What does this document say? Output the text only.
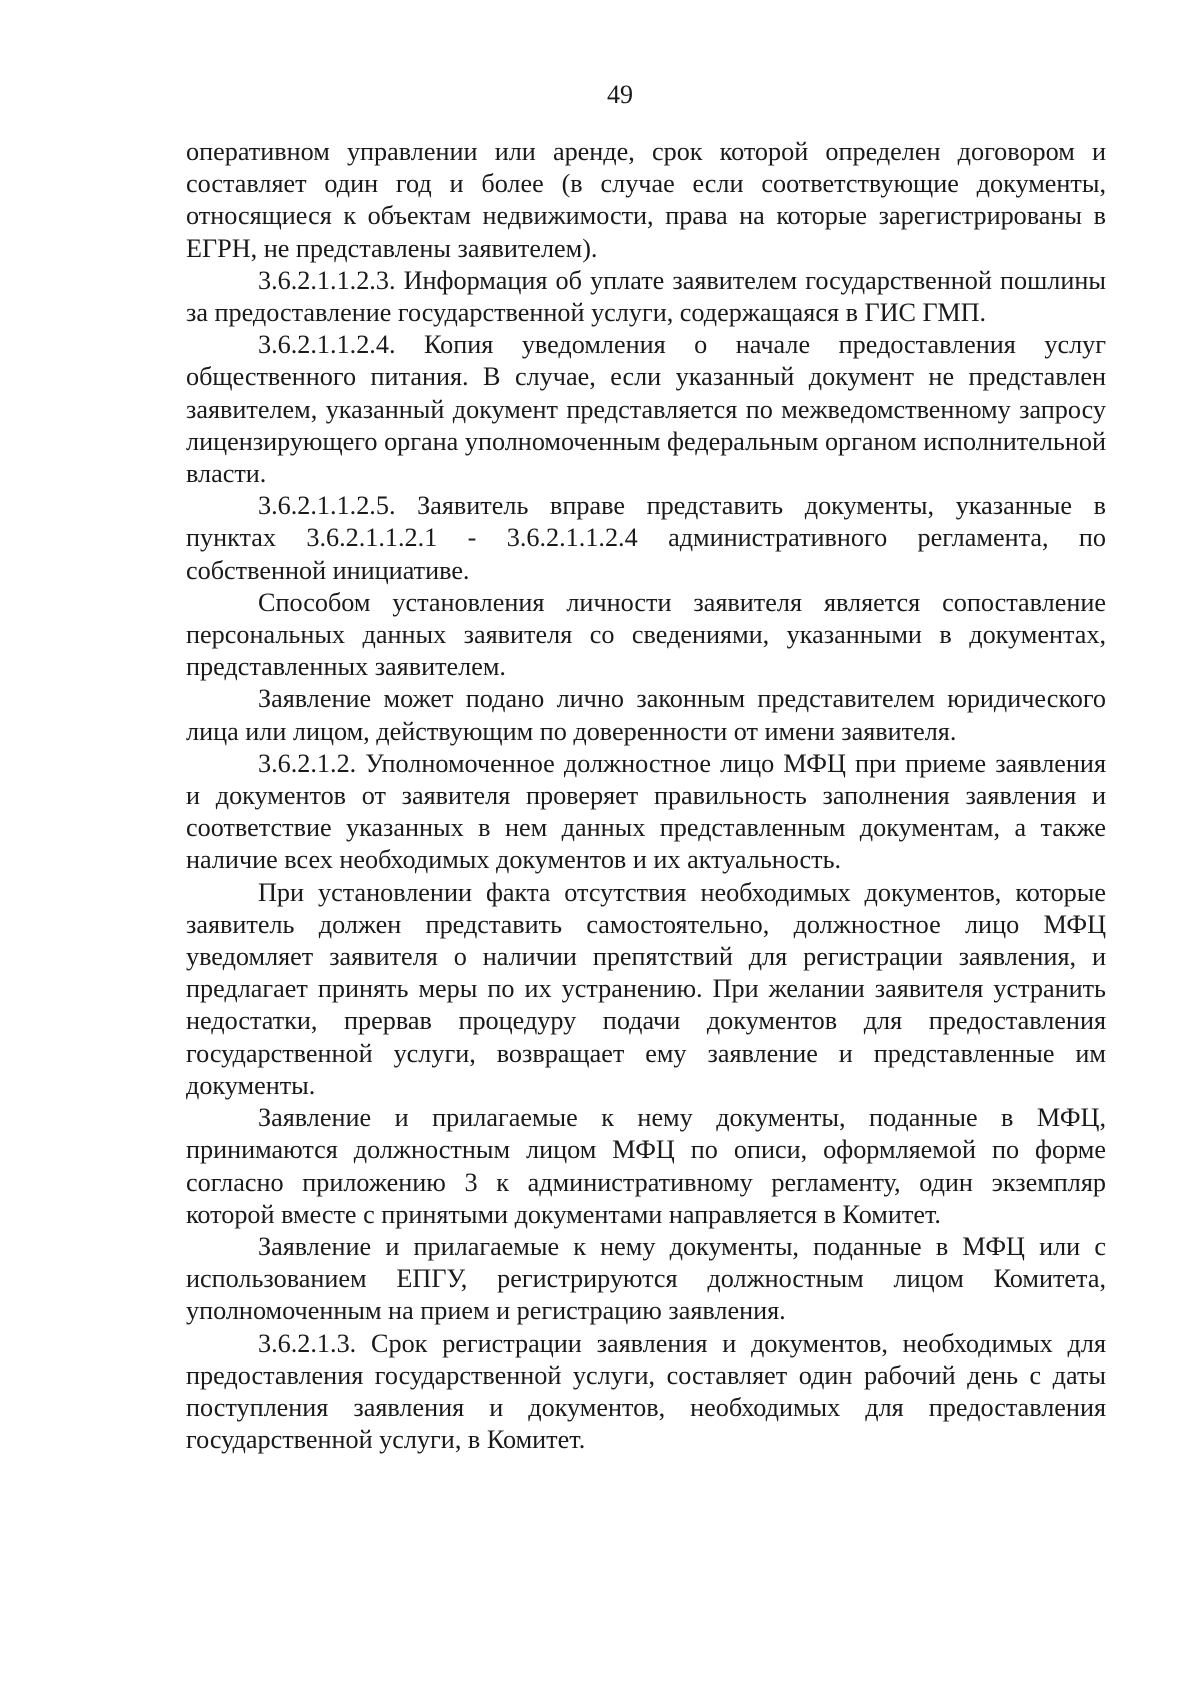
49

оперативном управлении или аренде, срок которой определен договором и составляет один год и более (в случае если соответствующие документы, относящиеся к объектам недвижимости, права на которые зарегистрированы в ЕГРН, не представлены заявителем).

3.6.2.1.1.2.3. Информация об уплате заявителем государственной пошлины за предоставление государственной услуги, содержащаяся в ГИС ГМП.

3.6.2.1.1.2.4. Копия уведомления о начале предоставления услуг общественного питания. В случае, если указанный документ не представлен заявителем, указанный документ представляется по межведомственному запросу лицензирующего органа уполномоченным федеральным органом исполнительной власти.

3.6.2.1.1.2.5. Заявитель вправе представить документы, указанные в пунктах 3.6.2.1.1.2.1 - 3.6.2.1.1.2.4 административного регламента, по собственной инициативе.

Способом установления личности заявителя является сопоставление персональных данных заявителя со сведениями, указанными в документах, представленных заявителем.

Заявление может подано лично законным представителем юридического лица или лицом, действующим по доверенности от имени заявителя.

3.6.2.1.2. Уполномоченное должностное лицо МФЦ при приеме заявления и документов от заявителя проверяет правильность заполнения заявления и соответствие указанных в нем данных представленным документам, а также наличие всех необходимых документов и их актуальность.

При установлении факта отсутствия необходимых документов, которые заявитель должен представить самостоятельно, должностное лицо МФЦ уведомляет заявителя о наличии препятствий для регистрации заявления, и предлагает принять меры по их устранению. При желании заявителя устранить недостатки, прервав процедуру подачи документов для предоставления государственной услуги, возвращает ему заявление и представленные им документы.

Заявление и прилагаемые к нему документы, поданные в МФЦ, принимаются должностным лицом МФЦ по описи, оформляемой по форме согласно приложению 3 к административному регламенту, один экземпляр которой вместе с принятыми документами направляется в Комитет.

Заявление и прилагаемые к нему документы, поданные в МФЦ или с использованием ЕПГУ, регистрируются должностным лицом Комитета, уполномоченным на прием и регистрацию заявления.

3.6.2.1.3. Срок регистрации заявления и документов, необходимых для предоставления государственной услуги, составляет один рабочий день с даты поступления заявления и документов, необходимых для предоставления государственной услуги, в Комитет.
